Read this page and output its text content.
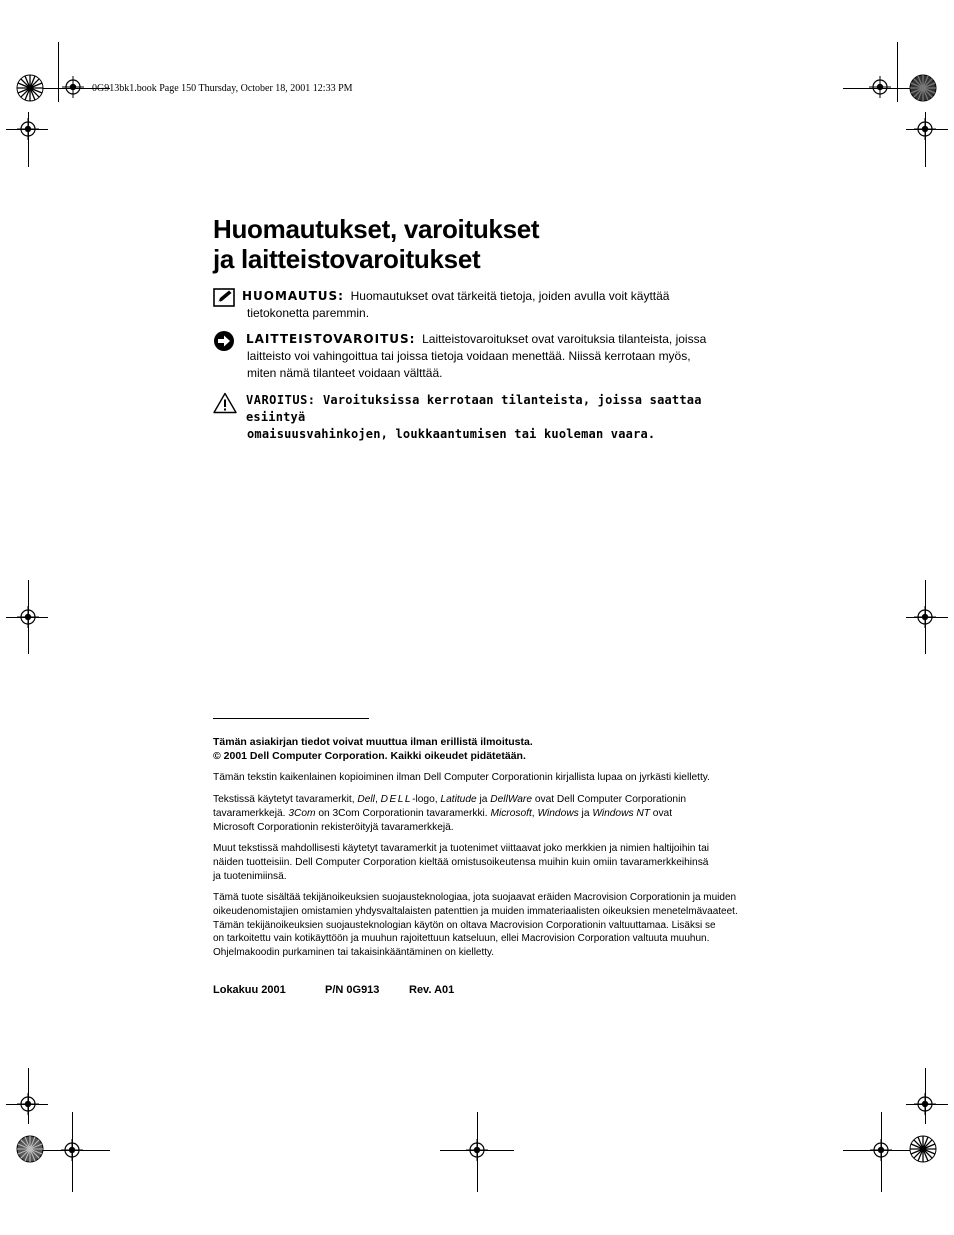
0G913bk1.book Page 150 Thursday, October 18, 2001 12:33 PM
Huomautukset, varoitukset
ja laitteistovaroitukset
HUOMAUTUS: Huomautukset ovat tärkeitä tietoja, joiden avulla voit käyttää
tietokonetta paremmin.
LAITTEISTOVAROITUS: Laitteistovaroitukset ovat varoituksia tilanteista, joissa
laitteisto voi vahingoittua tai joissa tietoja voidaan menettää. Niissä kerrotaan myös,
miten nämä tilanteet voidaan välttää.
VAROITUS: Varoituksissa kerrotaan tilanteista, joissa saattaa esiintyä
omaisuusvahinkojen, loukkaantumisen tai kuoleman vaara.
Tämän asiakirjan tiedot voivat muuttua ilman erillistä ilmoitusta.
© 2001 Dell Computer Corporation. Kaikki oikeudet pidätetään.
Tämän tekstin kaikenlainen kopioiminen ilman Dell Computer Corporationin kirjallista lupaa on jyrkästi kielletty.
Tekstissä käytetyt tavaramerkit, Dell, DELL-logo, Latitude ja DellWare ovat Dell Computer Corporationin
tavaramerkkejä. 3Com on 3Com Corporationin tavaramerkki. Microsoft, Windows ja Windows NT ovat
Microsoft Corporationin rekisteröityjä tavaramerkkejä.
Muut tekstissä mahdollisesti käytetyt tavaramerkit ja tuotenimet viittaavat joko merkkien ja nimien haltijoihin tai
näiden tuotteisiin. Dell Computer Corporation kieltää omistusoikeutensa muihin kuin omiin tavaramerkkeihinsä
ja tuotenimiinsä.
Tämä tuote sisältää tekijänoikeuksien suojausteknologiaa, jota suojaavat eräiden Macrovision Corporationin ja muiden
oikeudenomistajien omistamien yhdysvaltalaisten patenttien ja muiden immateriaalisten oikeuksien menetelmävaateet.
Tämän tekijänoikeuksien suojausteknologian käytön on oltava Macrovision Corporationin valtuuttamaa. Lisäksi se
on tarkoitettu vain kotikäyttöön ja muuhun rajoitettuun katseluun, ellei Macrovision Corporation valtuuta muuhun.
Ohjelmakoodin purkaminen tai takaisinkääntäminen on kielletty.
Lokakuu 2001	P/N 0G913	Rev. A01
